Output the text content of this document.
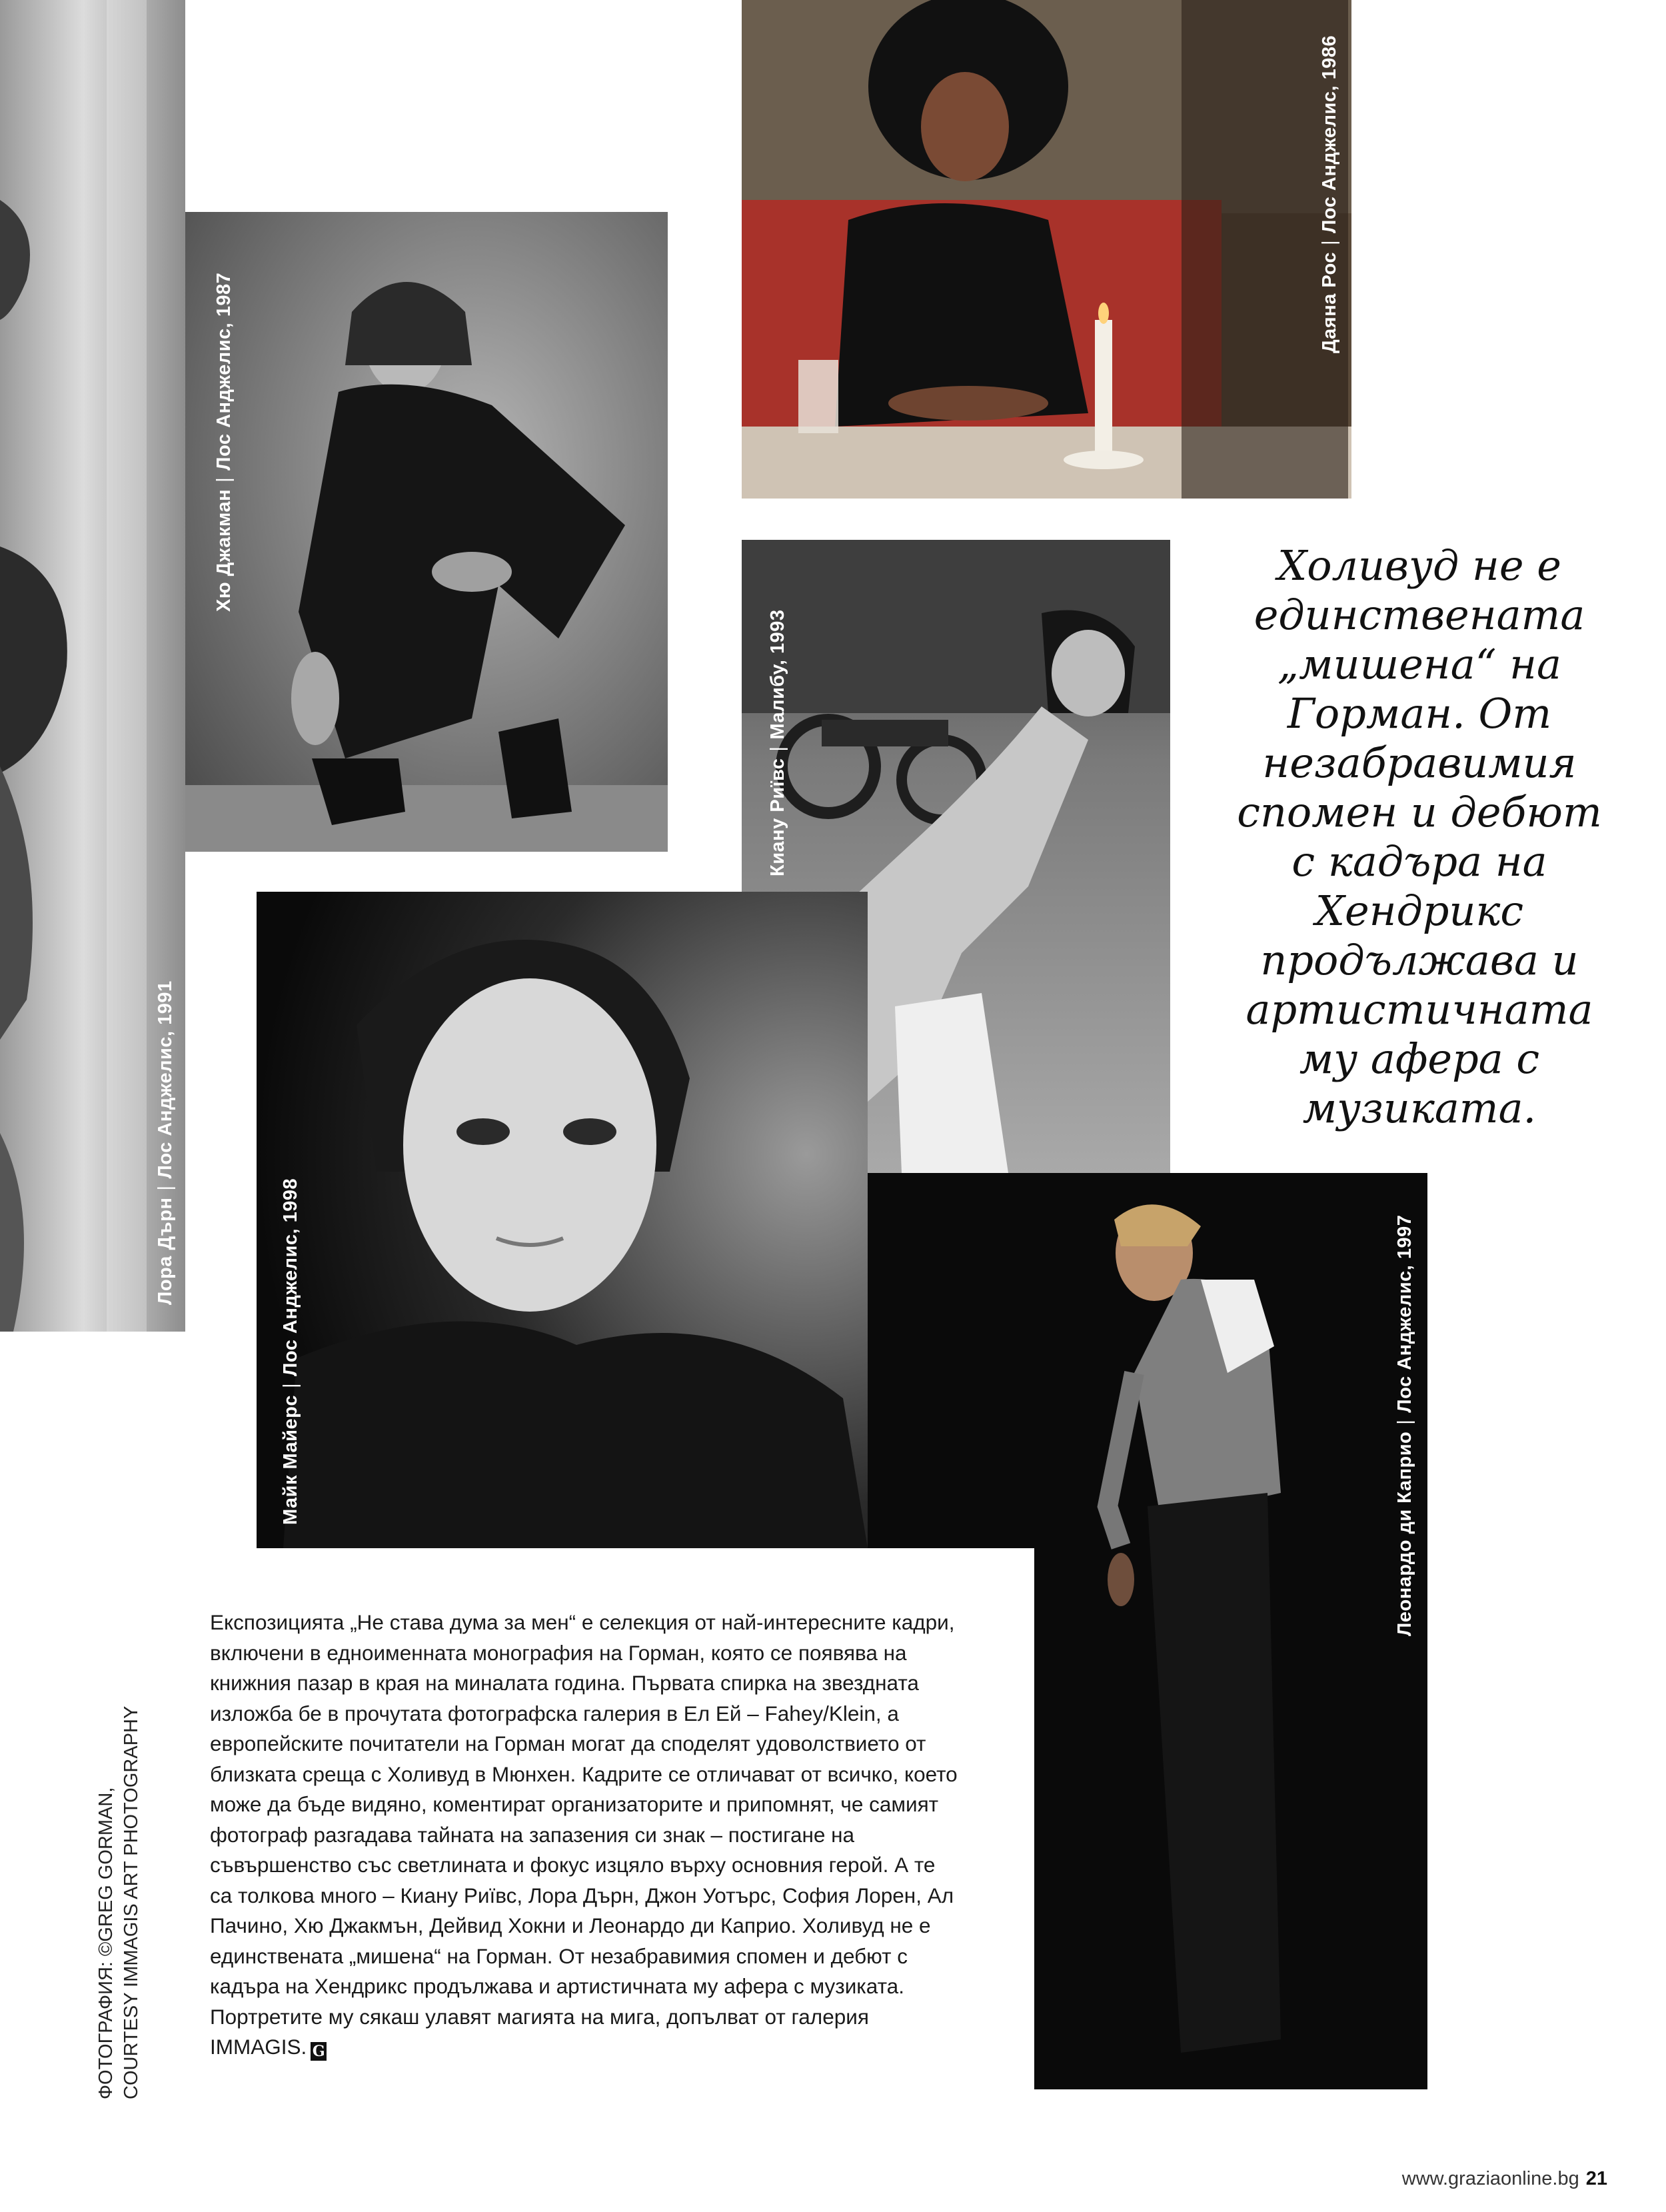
Лора Дърн|Лос Анджелис, 1991
Хю Джакман|Лос Анджелис, 1987	Даяна Рос|Лос Анджелис, 1986
Киану Риївс|Малибу, 1993
Майк Майерс|Лос Анджелис, 1998
Леонардо ди Каприо|Лос Анджелис, 1997
Холивуд не е единствената „мишена“ на Горман. От незабравимия спомен и дебют с кадъра на Хендрикс продължава и артистичната му афера с музиката.
Експозицията „Не става дума за мен“ е селекция от най-интересните кадри, включени в едноименната монография на Горман, която се появява на книжния пазар в края на миналата година. Първата спирка на звездната изложба бе в прочутата фотографска галерия в Ел Ей – Fahey/Klein, а европейските почитатели на Горман могат да споделят удоволствието от близката среща с Холивуд в Мюнхен. Кадрите се отличават от всичко, което може да бъде видяно, коментират организаторите и припомнят, че самият фотограф разгадава тайната на запазения си знак – постигане на съвършенство със светлината и фокус изцяло върху основния герой. А те са толкова много – Киану Риївс, Лора Дърн, Джон Уотърс, София Лорен, Ал Пачино, Хю Джакмън, Дейвид Хокни и Леонардо ди Каприо. Холивуд не е единствената „мишена“ на Горман. От незабравимия спомен и дебют с кадъра на Хендрикс продължава и артистичната му афера с музиката. Портретите му сякаш улавят магията на мига, допълват от галерия IMMAGIS. G
ФОТОГРАФИЯ: ©GREG GORMAN, COURTESY IMMAGIS ART PHOTOGRAPHY
www.graziaonline.bg 21
